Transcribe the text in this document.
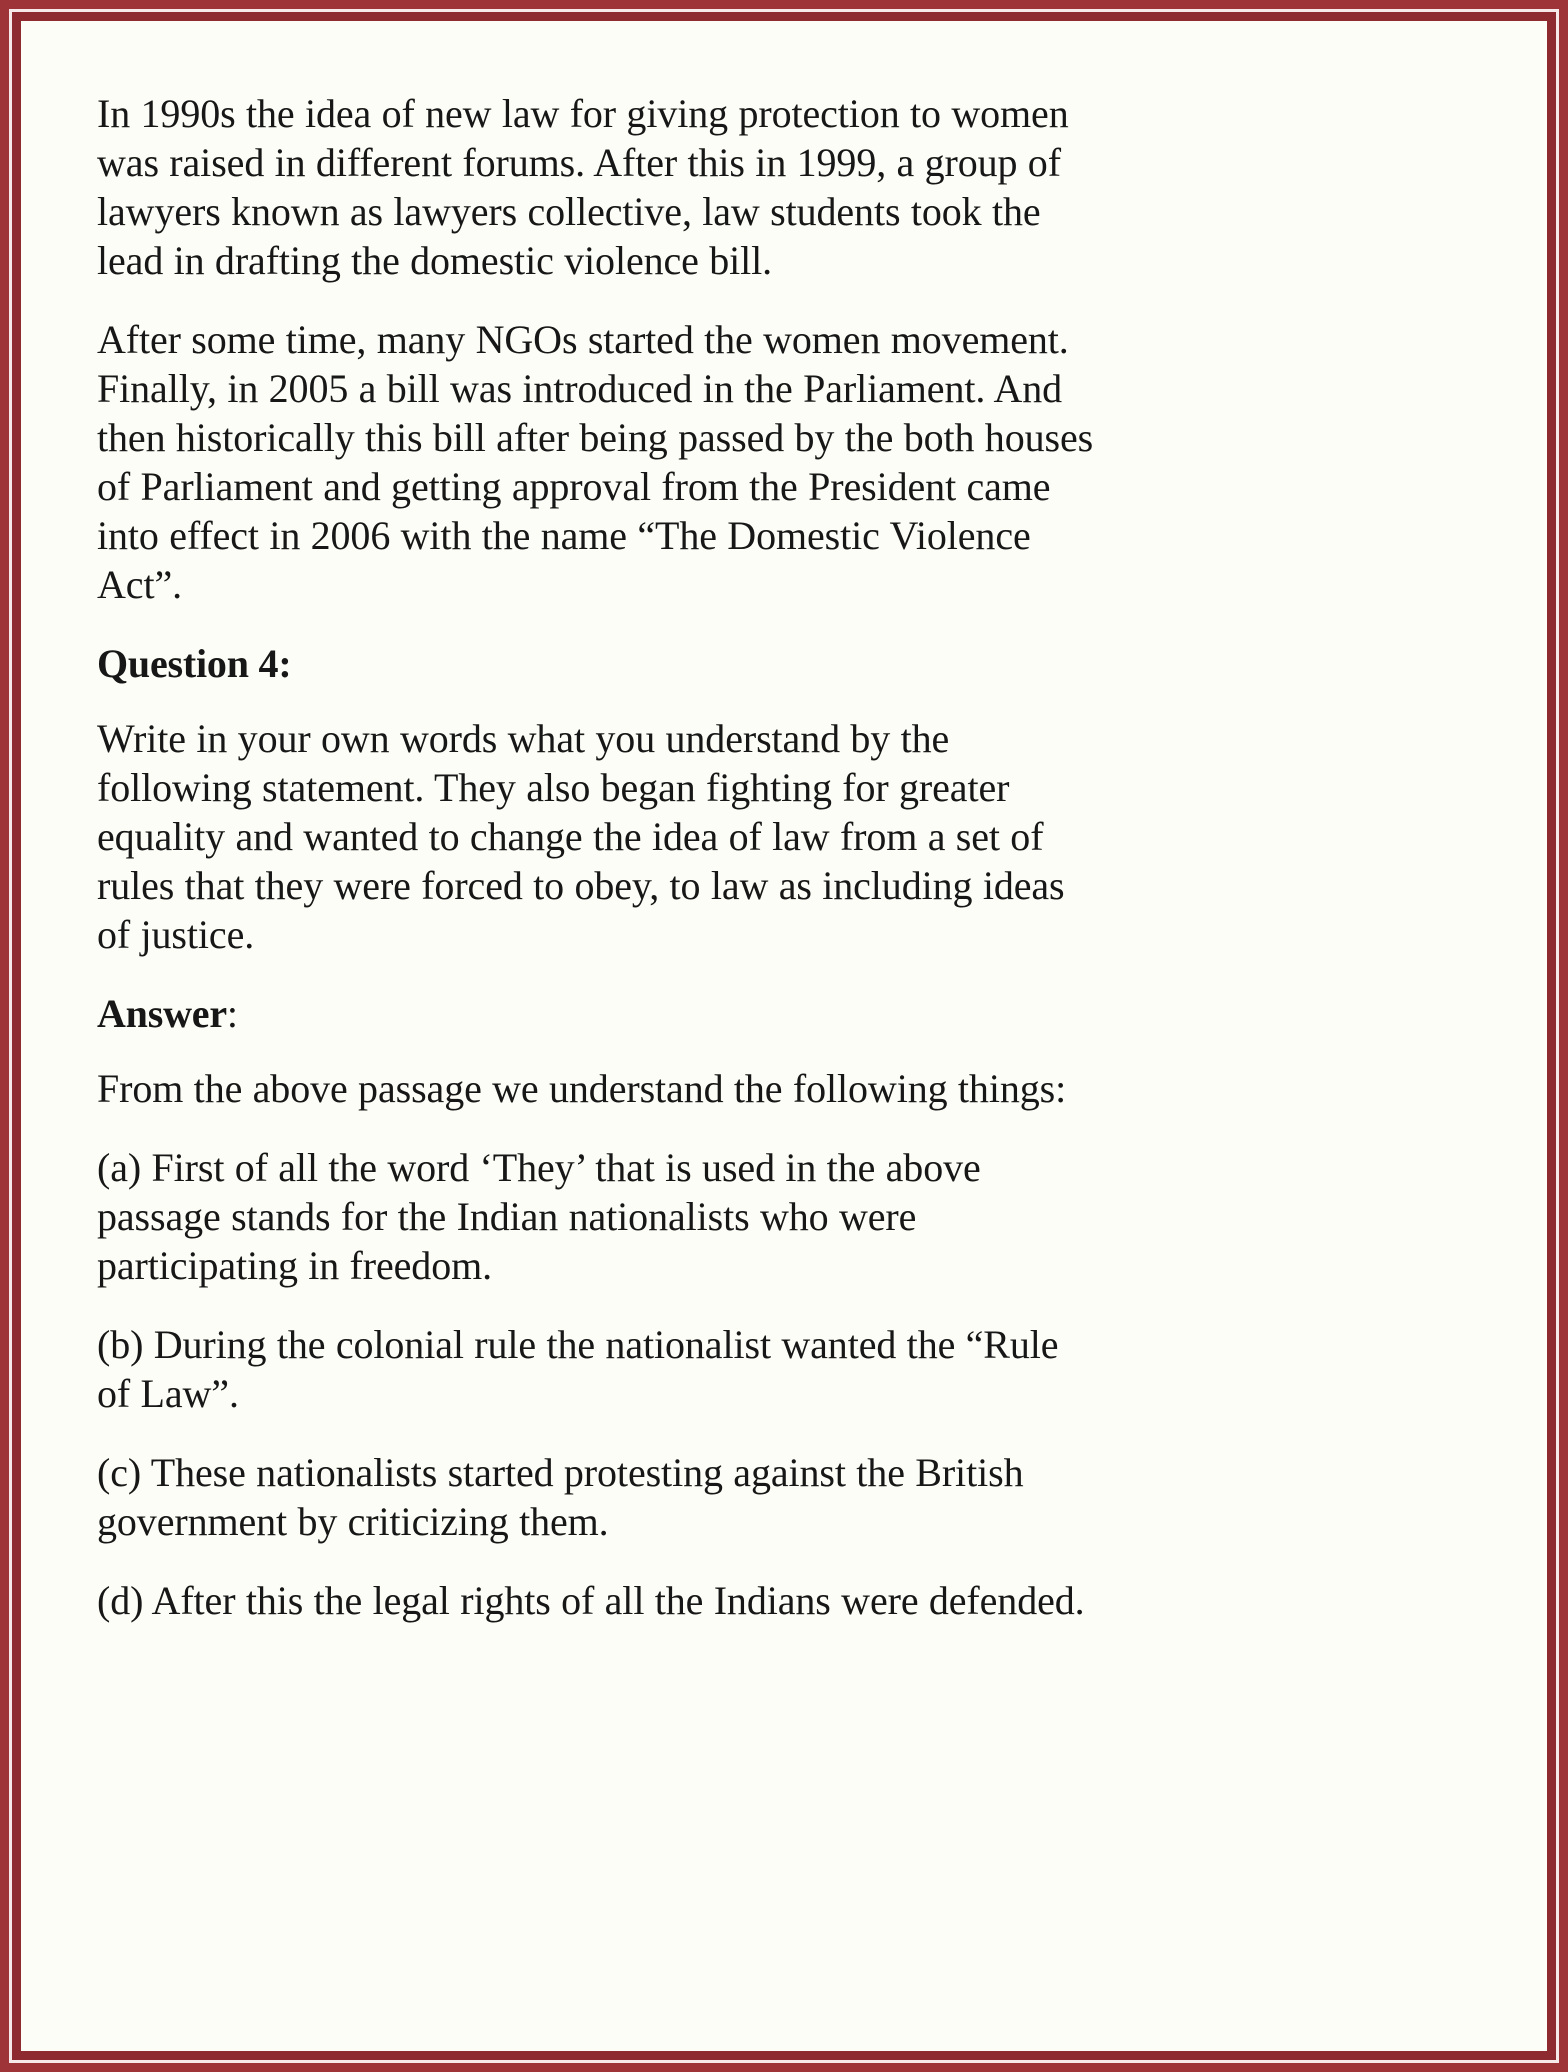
In 1990s the idea of new law for giving protection to women was raised in different forums. After this in 1999, a group of lawyers known as lawyers collective, law students took the lead in drafting the domestic violence bill.

After some time, many NGOs started the women movement. Finally, in 2005 a bill was introduced in the Parliament. And then historically this bill after being passed by the both houses of Parliament and getting approval from the President came into effect in 2006 with the name “The Domestic Violence Act”.

Question 4:

Write in your own words what you understand by the following statement. They also began fighting for greater equality and wanted to change the idea of law from a set of rules that they were forced to obey, to law as including ideas of justice.

Answer:

From the above passage we understand the following things:

(a) First of all the word ‘They’ that is used in the above passage stands for the Indian nationalists who were participating in freedom.

(b) During the colonial rule the nationalist wanted the “Rule of Law”.

(c) These nationalists started protesting against the British government by criticizing them.

(d) After this the legal rights of all the Indians were defended.
